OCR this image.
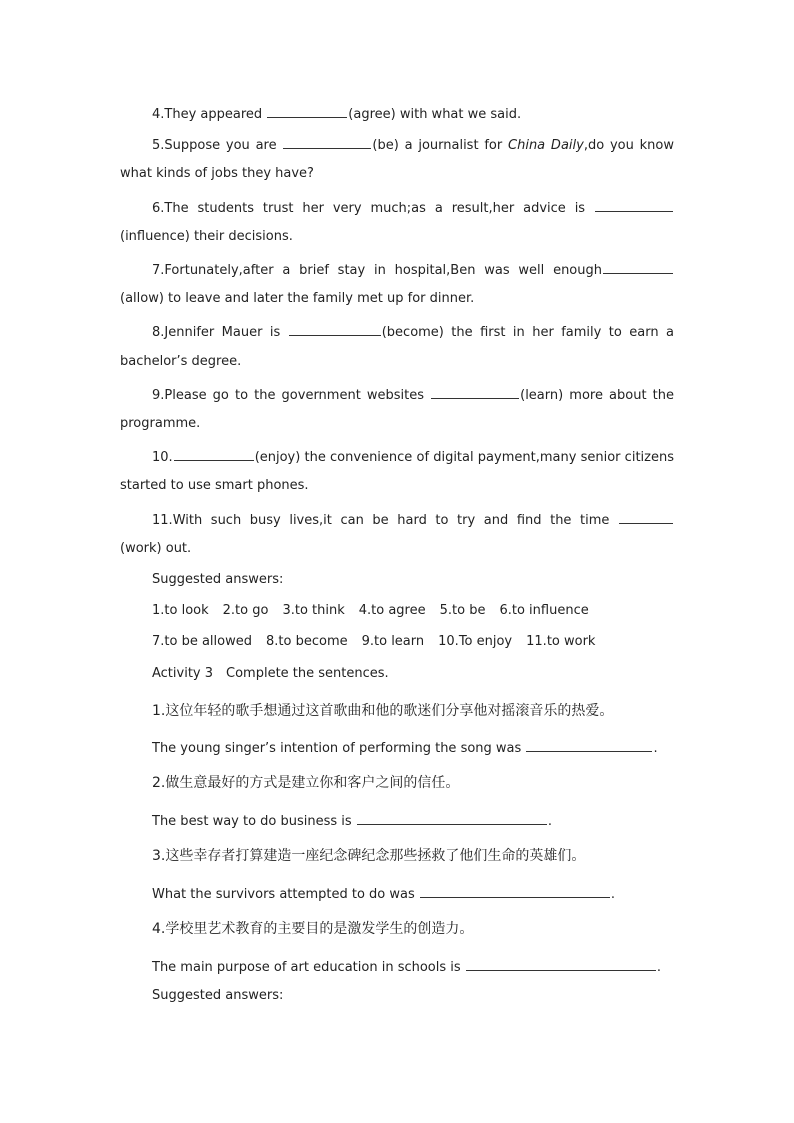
4.They appeared	(agree) with what we said.
5.Suppose you are	(be) a journalist for China Daily,do you know
what kinds of jobs they have?
6.The students trust her very much;as a result,her advice is
(influence) their decisions.
7.Fortunately,after a brief stay in hospital,Ben was well enough
(allow) to leave and later the family met up for dinner.
8.Jennifer Mauer is	(become) the first in her family to earn a
bachelor’s degree.
9.Please go to the government websites	(learn) more about the
programme.
10.	(enjoy) the convenience of digital payment,many senior citizens
started to use smart phones.
11.With such busy lives,it can be hard to try and find the time
(work) out.
Suggested answers:
1.to look 2.to go 3.to think 4.to agree 5.to be 6.to influence
7.to be allowed 8.to become 9.to learn 10.To enjoy 11.to work
Activity 3　Complete the sentences.
1.这位年轻的歌手想通过这首歌曲和他的歌迷们分享他对摇滚音乐的热爱。
The young singer’s intention of performing the song was	.
2.做生意最好的方式是建立你和客户之间的信任。
The best way to do business is	.
3.这些幸存者打算建造一座纪念碑纪念那些拯救了他们生命的英雄们。
What the survivors attempted to do was	.
4.学校里艺术教育的主要目的是激发学生的创造力。
The main purpose of art education in schools is	.
Suggested answers:
